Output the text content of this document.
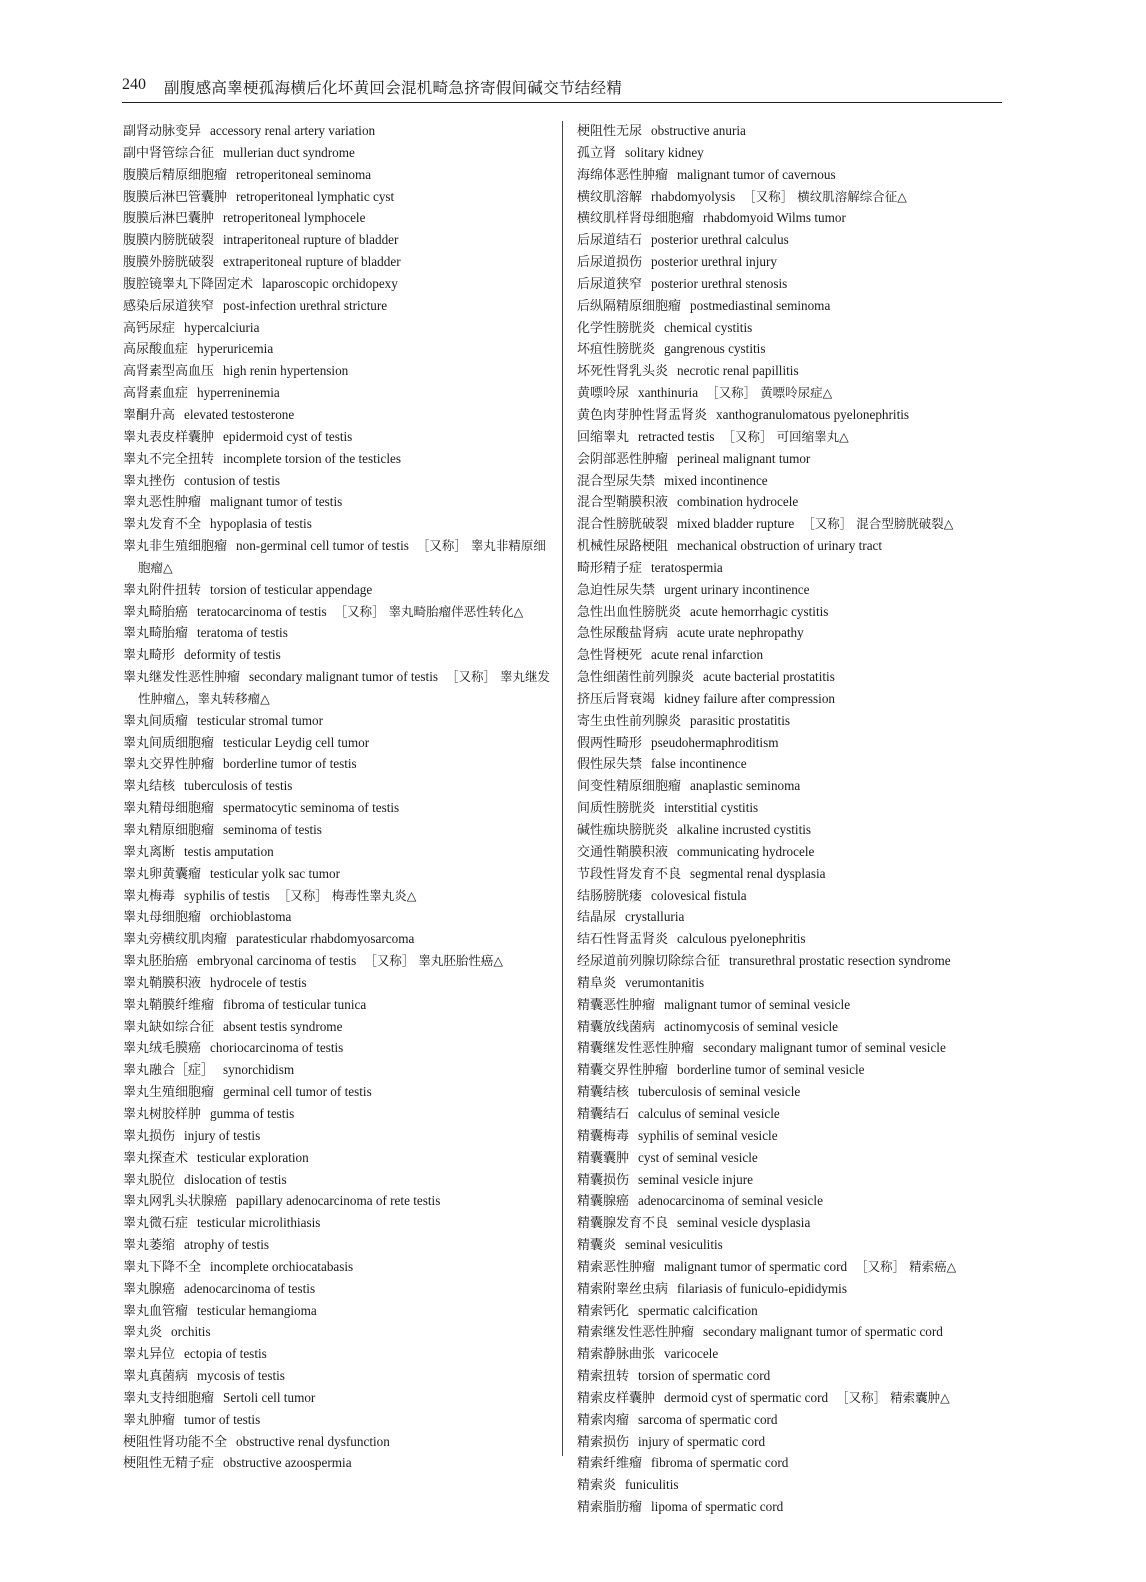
240 副腹感高睾梗孤海横后化坏黄回会混机畸急挤寄假间碱交节结经精

副肾动脉变异 accessory renal artery variation

副中肾管综合征 mullerian duct syndrome

腹膜后精原细胞瘤 retroperitoneal seminoma

腹膜后淋巴管囊肿 retroperitoneal lymphatic cyst

腹膜后淋巴囊肿 retroperitoneal lymphocele

腹膜内膀胱破裂 intraperitoneal rupture of bladder

腹膜外膀胱破裂 extraperitoneal rupture of bladder

腹腔镜睾丸下降固定术 laparoscopic orchidopexy

感染后尿道狭窄 post-infection urethral stricture

高钙尿症 hypercalciuria

高尿酸血症 hyperuricemia

高肾素型高血压 high renin hypertension

高肾素血症 hyperreninemia

睾酮升高 elevated testosterone

睾丸表皮样囊肿 epidermoid cyst of testis

睾丸不完全扭转 incomplete torsion of the testicles

睾丸挫伤 contusion of testis

睾丸恶性肿瘤 malignant tumor of testis

睾丸发育不全 hypoplasia of testis

睾丸非生殖细胞瘤 non-germinal cell tumor of testis ［又称］ 睾丸非精原细胞瘤△

睾丸附件扭转 torsion of testicular appendage

睾丸畸胎癌 teratocarcinoma of testis ［又称］ 睾丸畸胎瘤伴恶性转化△

睾丸畸胎瘤 teratoma of testis

睾丸畸形 deformity of testis

睾丸继发性恶性肿瘤 secondary malignant tumor of testis ［又称］ 睾丸继发性肿瘤△，睾丸转移瘤△

睾丸间质瘤 testicular stromal tumor

睾丸间质细胞瘤 testicular Leydig cell tumor

睾丸交界性肿瘤 borderline tumor of testis

睾丸结核 tuberculosis of testis

睾丸精母细胞瘤 spermatocytic seminoma of testis

睾丸精原细胞瘤 seminoma of testis

睾丸离断 testis amputation

睾丸卵黄囊瘤 testicular yolk sac tumor

睾丸梅毒 syphilis of testis ［又称］ 梅毒性睾丸炎△

睾丸母细胞瘤 orchioblastoma

睾丸旁横纹肌肉瘤 paratesticular rhabdomyosarcoma

睾丸胚胎癌 embryonal carcinoma of testis ［又称］ 睾丸胚胎性癌△

睾丸鞘膜积液 hydrocele of testis

睾丸鞘膜纤维瘤 fibroma of testicular tunica

睾丸缺如综合征 absent testis syndrome

睾丸绒毛膜癌 choriocarcinoma of testis

睾丸融合［症］ synorchidism

睾丸生殖细胞瘤 germinal cell tumor of testis

睾丸树胶样肿 gumma of testis

睾丸损伤 injury of testis

睾丸探查术 testicular exploration

睾丸脱位 dislocation of testis

睾丸网乳头状腺癌 papillary adenocarcinoma of rete testis

睾丸微石症 testicular microlithiasis

睾丸萎缩 atrophy of testis

睾丸下降不全 incomplete orchiocatabasis

睾丸腺癌 adenocarcinoma of testis

睾丸血管瘤 testicular hemangioma

睾丸炎 orchitis

睾丸异位 ectopia of testis

睾丸真菌病 mycosis of testis

睾丸支持细胞瘤 Sertoli cell tumor

睾丸肿瘤 tumor of testis

梗阻性肾功能不全 obstructive renal dysfunction

梗阻性无精子症 obstructive azoospermia

梗阻性无尿 obstructive anuria

孤立肾 solitary kidney

海绵体恶性肿瘤 malignant tumor of cavernous

横纹肌溶解 rhabdomyolysis ［又称］ 横纹肌溶解综合征△

横纹肌样肾母细胞瘤 rhabdomyoid Wilms tumor

后尿道结石 posterior urethral calculus

后尿道损伤 posterior urethral injury

后尿道狭窄 posterior urethral stenosis

后纵隔精原细胞瘤 postmediastinal seminoma

化学性膀胱炎 chemical cystitis

坏疽性膀胱炎 gangrenous cystitis

坏死性肾乳头炎 necrotic renal papillitis

黄嘌呤尿 xanthinuria ［又称］ 黄嘌呤尿症△

黄色肉芽肿性肾盂肾炎 xanthogranulomatous pyelonephritis

回缩睾丸 retracted testis ［又称］ 可回缩睾丸△

会阴部恶性肿瘤 perineal malignant tumor

混合型尿失禁 mixed incontinence

混合型鞘膜积液 combination hydrocele

混合性膀胱破裂 mixed bladder rupture ［又称］ 混合型膀胱破裂△

机械性尿路梗阻 mechanical obstruction of urinary tract

畸形精子症 teratospermia

急迫性尿失禁 urgent urinary incontinence

急性出血性膀胱炎 acute hemorrhagic cystitis

急性尿酸盐肾病 acute urate nephropathy

急性肾梗死 acute renal infarction

急性细菌性前列腺炎 acute bacterial prostatitis

挤压后肾衰竭 kidney failure after compression

寄生虫性前列腺炎 parasitic prostatitis

假两性畸形 pseudohermaphroditism

假性尿失禁 false incontinence

间变性精原细胞瘤 anaplastic seminoma

间质性膀胱炎 interstitial cystitis

碱性痂块膀胱炎 alkaline incrusted cystitis

交通性鞘膜积液 communicating hydrocele

节段性肾发育不良 segmental renal dysplasia

结肠膀胱瘘 colovesical fistula

结晶尿 crystalluria

结石性肾盂肾炎 calculous pyelonephritis

经尿道前列腺切除综合征 transurethral prostatic resection syndrome

精阜炎 verumontanitis

精囊恶性肿瘤 malignant tumor of seminal vesicle

精囊放线菌病 actinomycosis of seminal vesicle

精囊继发性恶性肿瘤 secondary malignant tumor of seminal vesicle

精囊交界性肿瘤 borderline tumor of seminal vesicle

精囊结核 tuberculosis of seminal vesicle

精囊结石 calculus of seminal vesicle

精囊梅毒 syphilis of seminal vesicle

精囊囊肿 cyst of seminal vesicle

精囊损伤 seminal vesicle injure

精囊腺癌 adenocarcinoma of seminal vesicle

精囊腺发育不良 seminal vesicle dysplasia

精囊炎 seminal vesiculitis

精索恶性肿瘤 malignant tumor of spermatic cord ［又称］ 精索癌△

精索附睾丝虫病 filariasis of funiculo-epididymis

精索钙化 spermatic calcification

精索继发性恶性肿瘤 secondary malignant tumor of spermatic cord

精索静脉曲张 varicocele

精索扭转 torsion of spermatic cord

精索皮样囊肿 dermoid cyst of spermatic cord ［又称］ 精索囊肿△

精索肉瘤 sarcoma of spermatic cord

精索损伤 injury of spermatic cord

精索纤维瘤 fibroma of spermatic cord

精索炎 funiculitis

精索脂肪瘤 lipoma of spermatic cord
